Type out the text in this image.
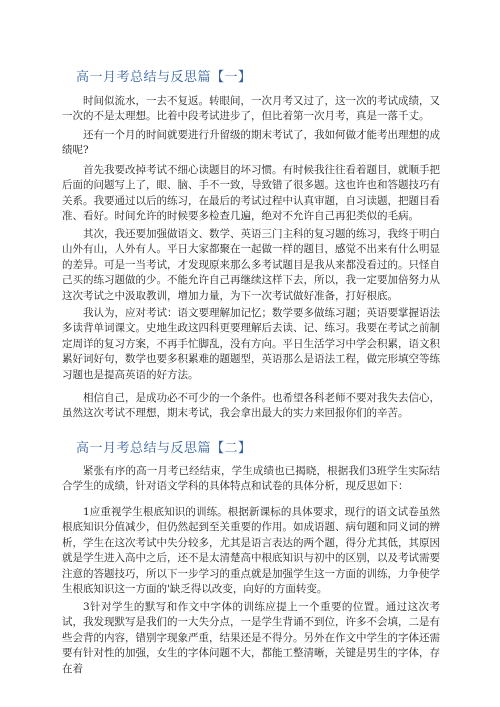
高一月考总结与反思篇【一】

时间似流水，一去不复返。转眼间，一次月考又过了，这一次的考试成绩，又一次的不是太理想。比着中段考试进步了，但比着第一次月考，真是一落千丈。

还有一个月的时间就要进行升留级的期末考试了，我如何做才能考出理想的成绩呢?

首先我要改掉考试不细心读题目的坏习惯。有时候我往往看着题目，就顺手把后面的问题写上了，眼、脑、手不一致，导致错了很多题。这也许也和答题技巧有关系。我要通过以后的练习，在最后的考试过程中认真审题，自习读题，把题目看准、看好。时间允许的时候要多检查几遍，绝对不允许自己再犯类似的毛病。

其次，我还要加强做语文、数学、英语三门主科的复习题的练习，我终于明白山外有山，人外有人。平日大家都聚在一起做一样的题目，感觉不出来有什么明显的差异。可是一当考试，才发现原来那么多考试题目是我从来都没看过的。只怪自己买的练习题做的少。不能允许自己再继续这样下去，所以，我一定要加倍努力从这次考试之中汲取教训，增加力量，为下一次考试做好准备，打好根底。

我认为，应对考试：语文要理解加记忆；数学要多做练习题；英语要掌握语法多读背单词课文。史地生政这四科更要理解后去读、记、练习。我要在考试之前制定周详的复习方案，不再手忙脚乱，没有方向。平日生活学习中学会积累，语文积累好词好句，数学也要多积累难的题题型，英语那么是语法工程，做完形填空等练习题也是提高英语的好方法。

相信自己，是成功必不可少的一个条件。也希望各科老师不要对我失去信心，虽然这次考试不理想，期末考试，我会拿出最大的实力来回报你们的辛苦。

高一月考总结与反思篇【二】

紧张有序的高一月考已经结束，学生成绩也已揭晓，根据我们3班学生实际结合学生的成绩，针对语文学科的具体特点和试卷的具体分析，现反思如下：

1应重视学生根底知识的训练。根据新课标的具体要求，现行的语文试卷虽然根底知识分值减少，但仍然起到至关重要的作用。如成语题、病句题和同义词的辨析，学生在这次考试中失分较多，尤其是语言表达的两个题，得分尤其低，其原因就是学生进入高中之后，还不是太清楚高中根底知识与初中的区别，以及考试需要注意的答题技巧，所以下一步学习的重点就是加强学生这一方面的训练，力争使学生根底知识这一方面的'缺乏得以改变，向好的方面转变。

3针对学生的默写和作文中字体的训练应提上一个重要的位置。通过这次考试，我发现默写是我们的一大失分点，一是学生背诵不到位，许多不会填，二是有些会背的内容，错别字现象严重，结果还是不得分。另外在作文中学生的字体还需要有针对性的加强，女生的字体问题不大，都能工整清晰，关键是男生的字体，存在着
